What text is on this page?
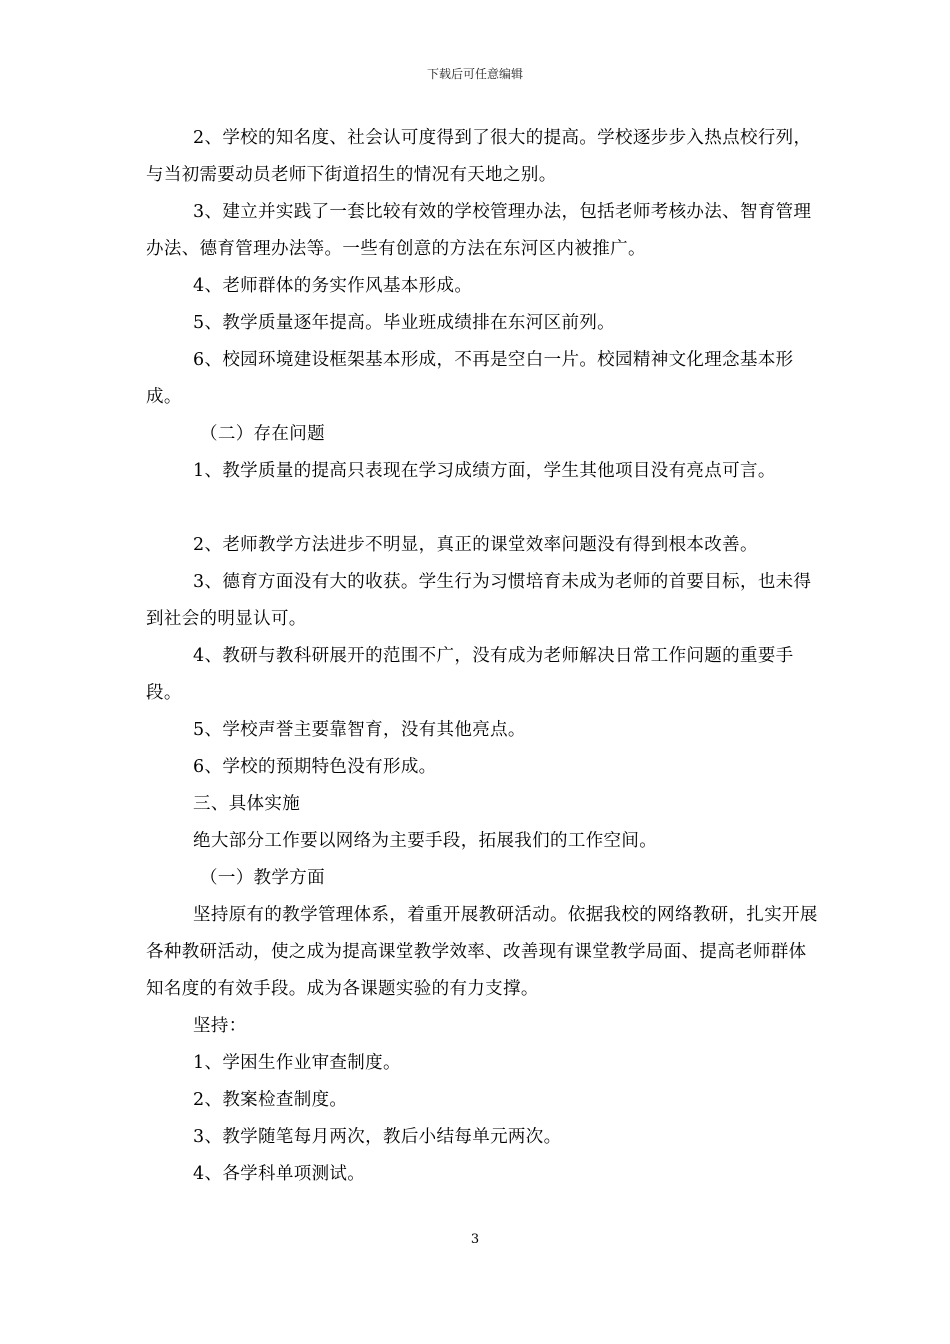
下载后可任意编辑

2、学校的知名度、社会认可度得到了很大的提高。学校逐步步入热点校行列，与当初需要动员老师下街道招生的情况有天地之别。

3、建立并实践了一套比较有效的学校管理办法，包括老师考核办法、智育管理办法、德育管理办法等。一些有创意的方法在东河区内被推广。

4、老师群体的务实作风基本形成。

5、教学质量逐年提高。毕业班成绩排在东河区前列。

6、校园环境建设框架基本形成，不再是空白一片。校园精神文化理念基本形成。

（二）存在问题

1、教学质量的提高只表现在学习成绩方面，学生其他项目没有亮点可言。

2、老师教学方法进步不明显，真正的课堂效率问题没有得到根本改善。

3、德育方面没有大的收获。学生行为习惯培育未成为老师的首要目标，也未得到社会的明显认可。

4、教研与教科研展开的范围不广，没有成为老师解决日常工作问题的重要手段。

5、学校声誉主要靠智育，没有其他亮点。

6、学校的预期特色没有形成。

三、具体实施

绝大部分工作要以网络为主要手段，拓展我们的工作空间。

（一）教学方面

坚持原有的教学管理体系，着重开展教研活动。依据我校的网络教研，扎实开展各种教研活动，使之成为提高课堂教学效率、改善现有课堂教学局面、提高老师群体知名度的有效手段。成为各课题实验的有力支撑。

坚持：

1、学困生作业审查制度。

2、教案检查制度。

3、教学随笔每月两次，教后小结每单元两次。

4、各学科单项测试。

3
